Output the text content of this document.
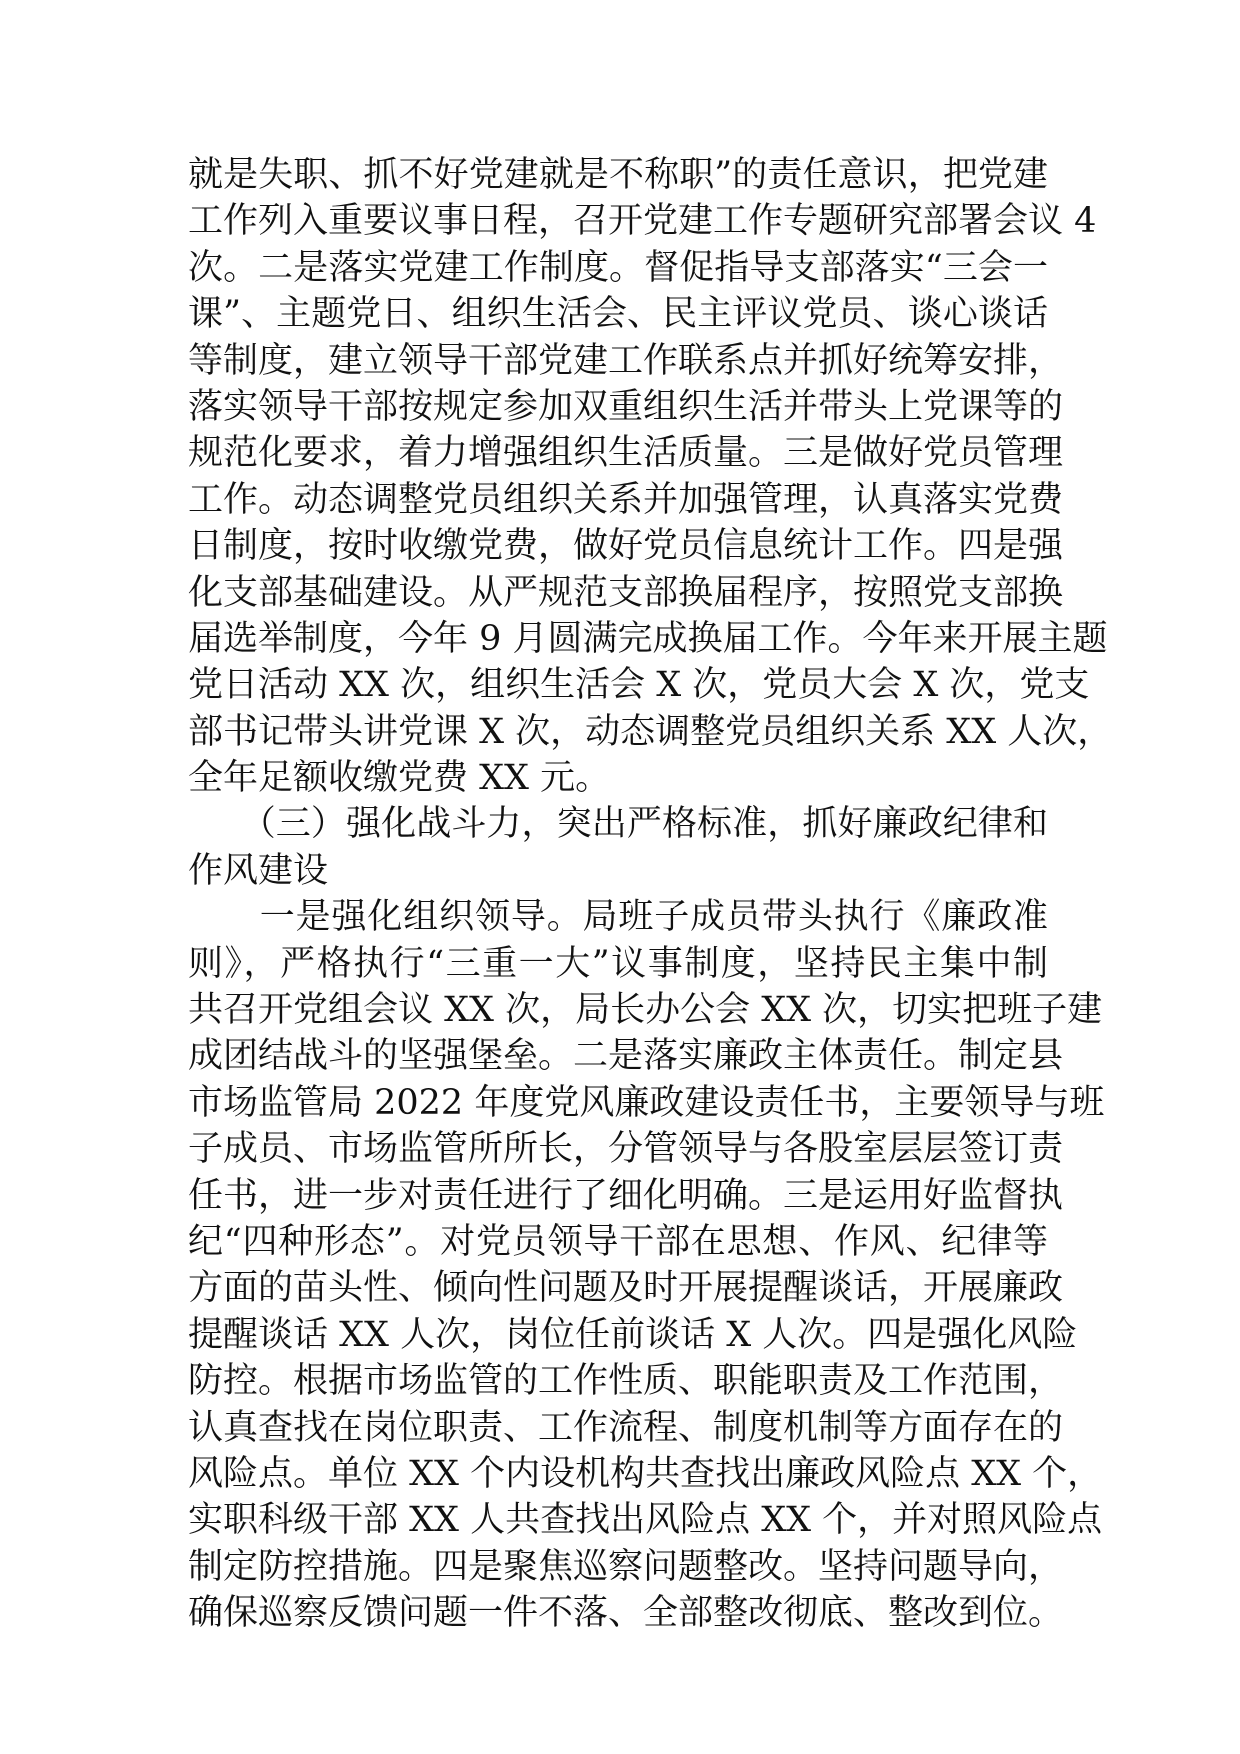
就是失职、抓不好党建就是不称职”的责任意识，把党建
工作列入重要议事日程，召开党建工作专题研究部署会议 4
次。二是落实党建工作制度。督促指导支部落实“三会一
课”、主题党日、组织生活会、民主评议党员、谈心谈话
等制度，建立领导干部党建工作联系点并抓好统筹安排，
落实领导干部按规定参加双重组织生活并带头上党课等的
规范化要求，着力增强组织生活质量。三是做好党员管理
工作。动态调整党员组织关系并加强管理，认真落实党费
日制度，按时收缴党费，做好党员信息统计工作。四是强
化支部基础建设。从严规范支部换届程序，按照党支部换
届选举制度，今年 9 月圆满完成换届工作。今年来开展主题
党日活动 XX 次，组织生活会 X 次，党员大会 X 次，党支
部书记带头讲党课 X 次，动态调整党员组织关系 XX 人次，
全年足额收缴党费 XX 元。
　　（三）强化战斗力，突出严格标准，抓好廉政纪律和
作风建设
　　一是强化组织领导。局班子成员带头执行《廉政准
则》，严格执行“三重一大”议事制度，坚持民主集中制
共召开党组会议 XX 次，局长办公会 XX 次，切实把班子建
成团结战斗的坚强堡垒。二是落实廉政主体责任。制定县
市场监管局 2022 年度党风廉政建设责任书，主要领导与班
子成员、市场监管所所长，分管领导与各股室层层签订责
任书，进一步对责任进行了细化明确。三是运用好监督执
纪“四种形态”。对党员领导干部在思想、作风、纪律等
方面的苗头性、倾向性问题及时开展提醒谈话，开展廉政
提醒谈话 XX 人次，岗位任前谈话 X 人次。四是强化风险
防控。根据市场监管的工作性质、职能职责及工作范围，
认真查找在岗位职责、工作流程、制度机制等方面存在的
风险点。单位 XX 个内设机构共查找出廉政风险点 XX 个，
实职科级干部 XX 人共查找出风险点 XX 个，并对照风险点
制定防控措施。四是聚焦巡察问题整改。坚持问题导向，
确保巡察反馈问题一件不落、全部整改彻底、整改到位。
